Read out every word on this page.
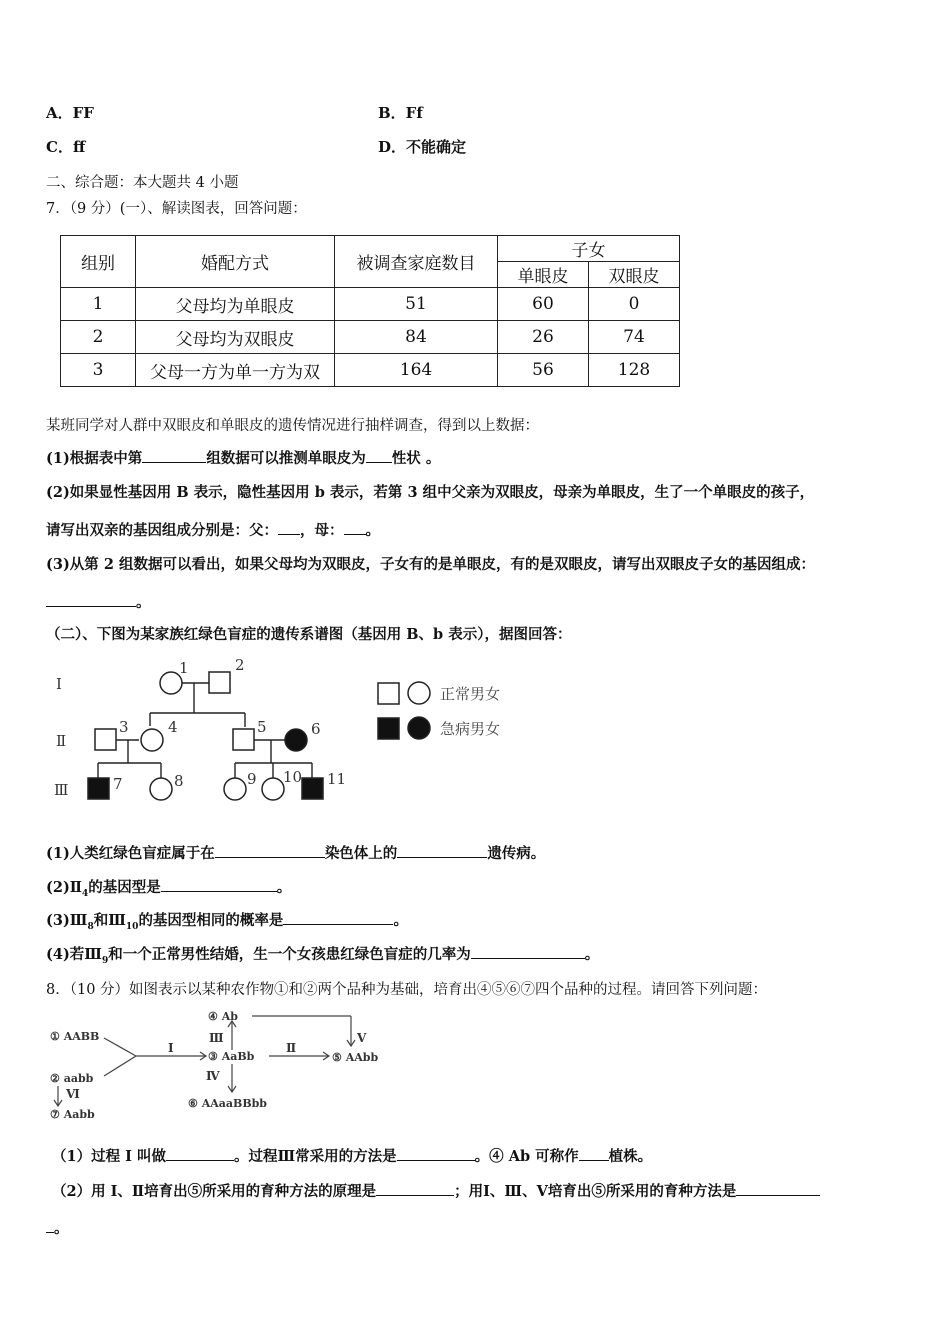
A．FF	B．Ff
C．ff	D．不能确定
二、综合题：本大题共 4 小题
7．（9 分）(一）、解读图表，回答问题：
组别	婚配方式	被调查家庭数目	子女	
			单眼皮	双眼皮
1	父母均为单眼皮	51	60	0
2	父母均为双眼皮	84	26	74
3	父母一方为单一方为双	164	56	128
某班同学对人群中双眼皮和单眼皮的遗传情况进行抽样调查，得到以上数据：
(1)根据表中第	组数据可以推测单眼皮为 性状 。
(2)如果显性基因用 B 表示，隐性基因用 b 表示，若第 3 组中父亲为双眼皮，母亲为单眼皮，生了一个单眼皮的孩子，
请写出双亲的基因组成分别是：父： ，母： 。
(3)从第 2 组数据可以看出，如果父母均为双眼皮，子女有的是单眼皮，有的是双眼皮，请写出双眼皮子女的基因组成：
。
（二）、下图为某家族红绿色盲症的遗传系谱图（基因用 B、b 表示），据图回答：
I
Ⅱ
Ⅲ
1	2
3	4	5	6
7	8	9 10 11
正常男女
急病男女
(1)人类红绿色盲症属于在	染色体上的	遗传病。
$(2)Ⅱ_4$的基因型是	。
$(3)Ⅲ_8$和$Ⅲ_{10}$的基因型相同的概率是	。
(4)若$Ⅲ_9$和一个正常男性结婚，生一个女孩患红绿色盲症的几率为	。
8．（10 分）如图表示以某种农作物①和②两个品种为基础，培育出④⑤⑥⑦四个品种的过程。请回答下列问题：
① AABB
② aabb
⑦ Aabb
③ AaBb
④ Ab
⑤ AAbb
⑥ AAaaBBbb
I	Ⅱ
Ⅲ
Ⅳ
V
Ⅵ
（1）过程 I 叫做	。过程Ⅲ常采用的方法是	。④ Ab 可称作 植株。
（2）用 I、Ⅱ培育出⑤所采用的育种方法的原理是	；用Ⅰ、Ⅲ、Ⅴ培育出⑤所采用的育种方法是
。
